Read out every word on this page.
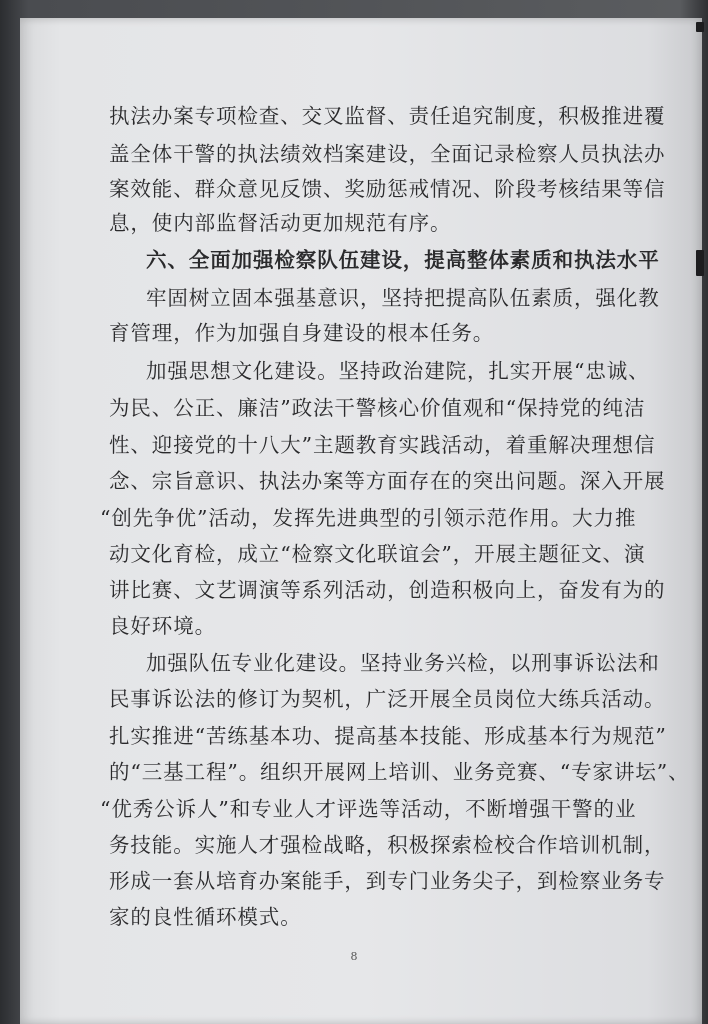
执法办案专项检查、交叉监督、责任追究制度，积极推进覆
盖全体干警的执法绩效档案建设，全面记录检察人员执法办
案效能、群众意见反馈、奖励惩戒情况、阶段考核结果等信
息，使内部监督活动更加规范有序。
六、全面加强检察队伍建设，提高整体素质和执法水平
牢固树立固本强基意识，坚持把提高队伍素质，强化教
育管理，作为加强自身建设的根本任务。
加强思想文化建设。坚持政治建院，扎实开展“忠诚、
为民、公正、廉洁”政法干警核心价值观和“保持党的纯洁
性、迎接党的十八大”主题教育实践活动，着重解决理想信
念、宗旨意识、执法办案等方面存在的突出问题。深入开展
“创先争优”活动，发挥先进典型的引领示范作用。大力推
动文化育检，成立“检察文化联谊会”，开展主题征文、演
讲比赛、文艺调演等系列活动，创造积极向上，奋发有为的
良好环境。
加强队伍专业化建设。坚持业务兴检，以刑事诉讼法和
民事诉讼法的修订为契机，广泛开展全员岗位大练兵活动。
扎实推进“苦练基本功、提高基本技能、形成基本行为规范”
的“三基工程”。组织开展网上培训、业务竞赛、“专家讲坛”、
“优秀公诉人”和专业人才评选等活动，不断增强干警的业
务技能。实施人才强检战略，积极探索检校合作培训机制，
形成一套从培育办案能手，到专门业务尖子，到检察业务专
家的良性循环模式。
8
